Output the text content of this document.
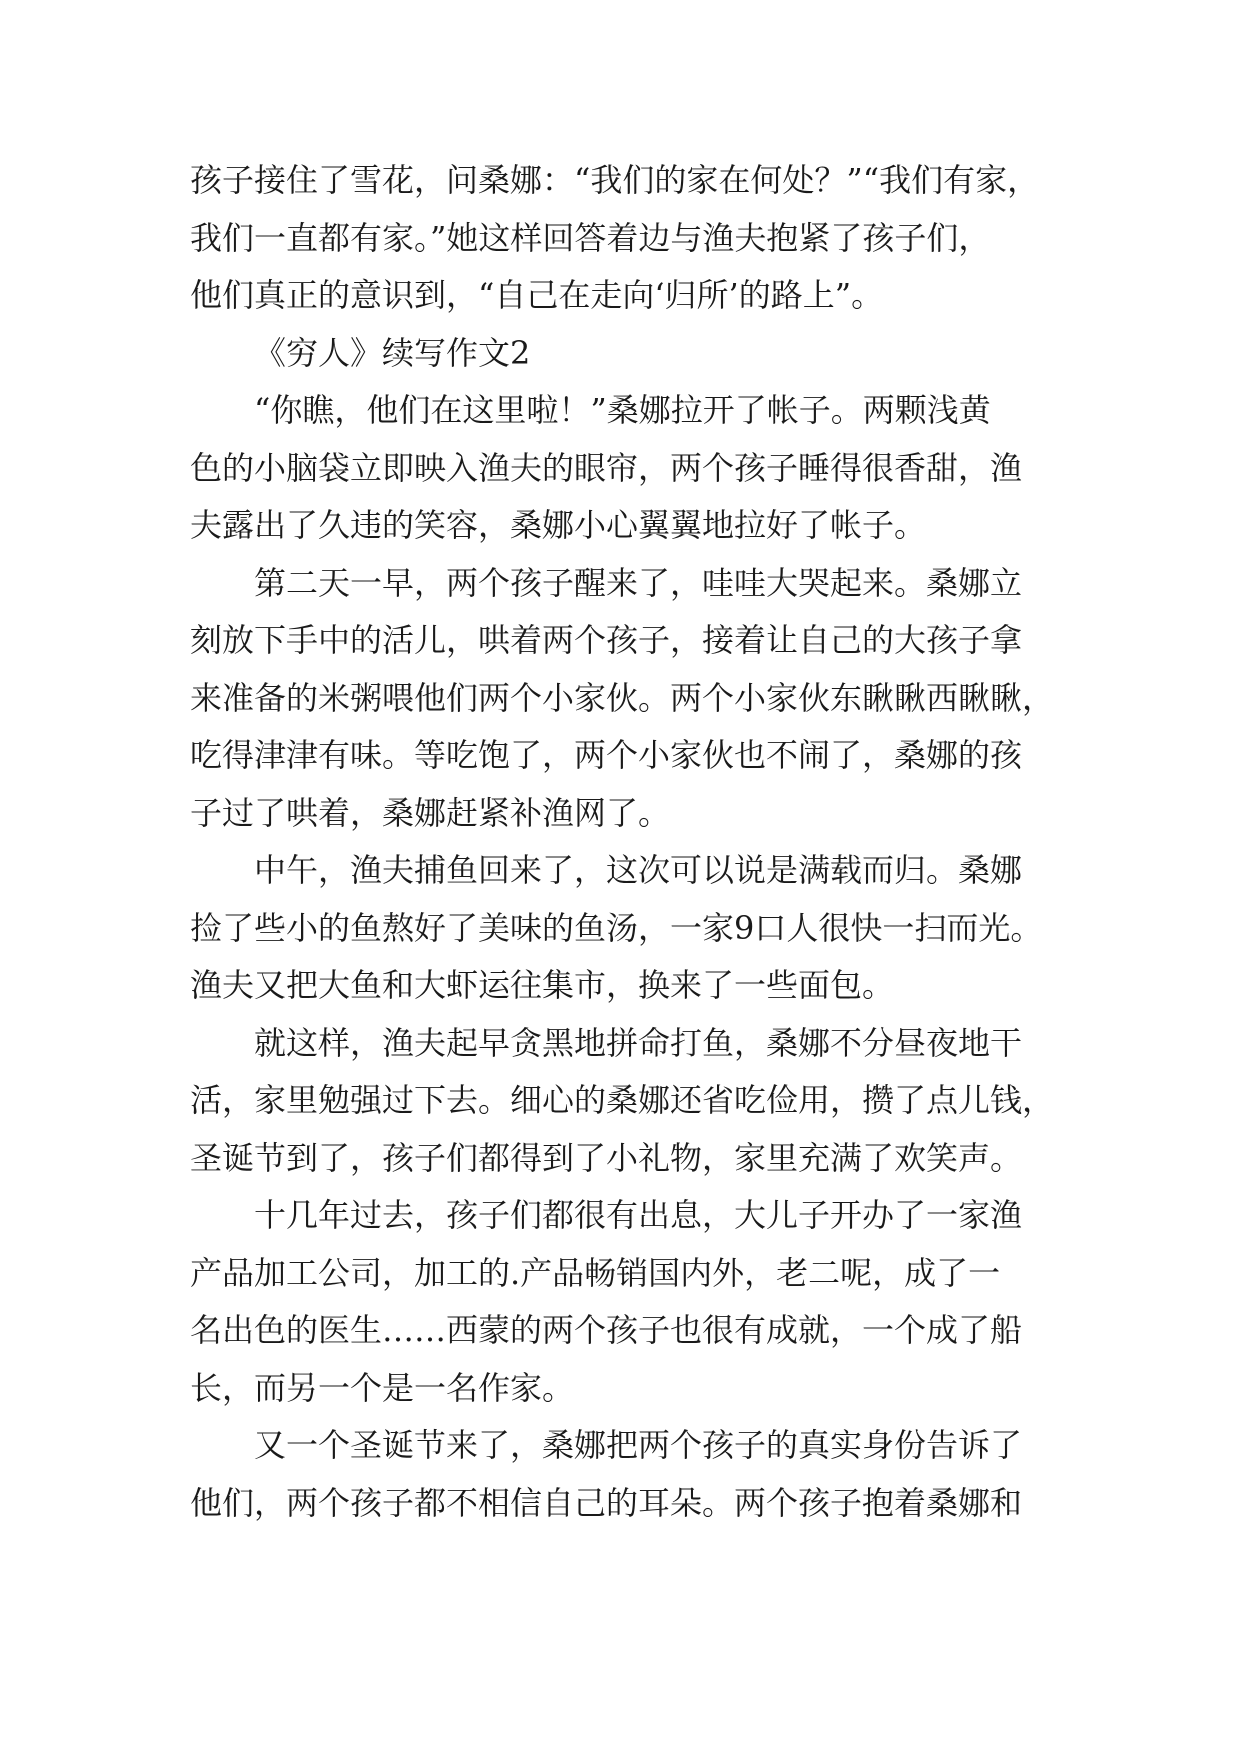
孩子接住了雪花，问桑娜：“我们的家在何处？”“我们有家，
我们一直都有家。”她这样回答着边与渔夫抱紧了孩子们，
他们真正的意识到，“自己在走向‘归所’的路上”。
《穷人》续写作文2
“你瞧，他们在这里啦！”桑娜拉开了帐子。两颗浅黄
色的小脑袋立即映入渔夫的眼帘，两个孩子睡得很香甜，渔
夫露出了久违的笑容，桑娜小心翼翼地拉好了帐子。
第二天一早，两个孩子醒来了，哇哇大哭起来。桑娜立
刻放下手中的活儿，哄着两个孩子，接着让自己的大孩子拿
来准备的米粥喂他们两个小家伙。两个小家伙东瞅瞅西瞅瞅，
吃得津津有味。等吃饱了，两个小家伙也不闹了，桑娜的孩
子过了哄着，桑娜赶紧补渔网了。
中午，渔夫捕鱼回来了，这次可以说是满载而归。桑娜
捡了些小的鱼熬好了美味的鱼汤，一家9口人很快一扫而光。
渔夫又把大鱼和大虾运往集市，换来了一些面包。
就这样，渔夫起早贪黑地拼命打鱼，桑娜不分昼夜地干
活，家里勉强过下去。细心的桑娜还省吃俭用，攒了点儿钱，
圣诞节到了，孩子们都得到了小礼物，家里充满了欢笑声。
十几年过去，孩子们都很有出息，大儿子开办了一家渔
产品加工公司，加工的.产品畅销国内外，老二呢，成了一
名出色的医生……西蒙的两个孩子也很有成就，一个成了船
长，而另一个是一名作家。
又一个圣诞节来了，桑娜把两个孩子的真实身份告诉了
他们，两个孩子都不相信自己的耳朵。两个孩子抱着桑娜和
